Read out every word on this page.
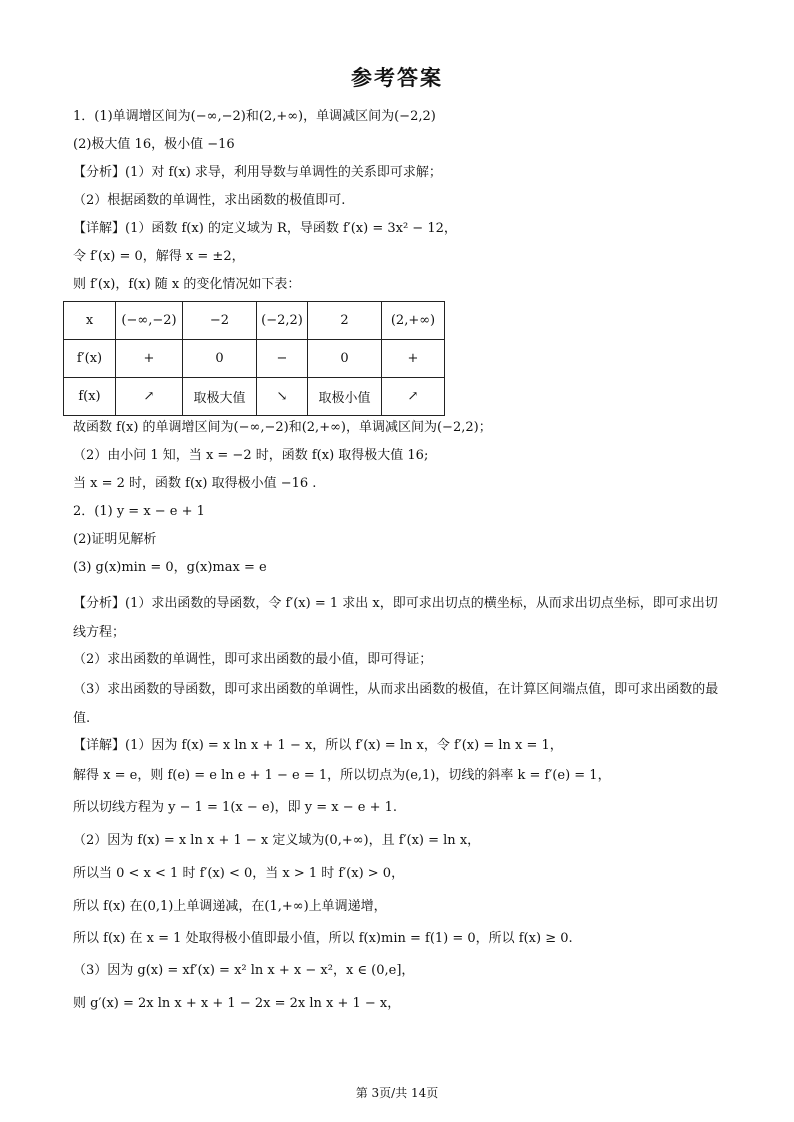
参考答案
1．(1)单调增区间为(−∞,−2)和(2,+∞)，单调减区间为(−2,2)
(2)极大值 16，极小值 −16
【分析】(1）对 f(x) 求导，利用导数与单调性的关系即可求解；
（2）根据函数的单调性，求出函数的极值即可.
【详解】(1）函数 f(x) 的定义域为 R，导函数 f′(x) = 3x² − 12，
令 f′(x) = 0，解得 x = ±2，
则 f′(x)，f(x) 随 x 的变化情况如下表：
x	(−∞,−2)	−2	(−2,2)	2	(2,+∞)
f′(x)	+	0	−	0	+
f(x)	↗	取极大值	↘	取极小值	↗
故函数 f(x) 的单调增区间为(−∞,−2)和(2,+∞)，单调减区间为(−2,2)；
（2）由小问 1 知，当 x = −2 时，函数 f(x) 取得极大值 16;
当 x = 2 时，函数 f(x) 取得极小值 −16 .
2．(1) y = x − e + 1
(2)证明见解析
(3) g(x)min = 0，g(x)max = e
【分析】(1）求出函数的导函数，令 f′(x) = 1 求出 x，即可求出切点的横坐标，从而求出切点坐标，即可求出切线方程；
（2）求出函数的单调性，即可求出函数的最小值，即可得证；
（3）求出函数的导函数，即可求出函数的单调性，从而求出函数的极值，在计算区间端点值，即可求出函数的最值.
【详解】(1）因为 f(x) = x ln x + 1 − x，所以 f′(x) = ln x，令 f′(x) = ln x = 1，
解得 x = e，则 f(e) = e ln e + 1 − e = 1，所以切点为(e,1)，切线的斜率 k = f′(e) = 1，
所以切线方程为 y − 1 = 1(x − e)，即 y = x − e + 1.
（2）因为 f(x) = x ln x + 1 − x 定义域为(0,+∞)，且 f′(x) = ln x，
所以当 0 < x < 1 时 f′(x) < 0，当 x > 1 时 f′(x) > 0，
所以 f(x) 在(0,1)上单调递减，在(1,+∞)上单调递增，
所以 f(x) 在 x = 1 处取得极小值即最小值，所以 f(x)min = f(1) = 0，所以 f(x) ≥ 0.
（3）因为 g(x) = xf′(x) = x² ln x + x − x²，x ∈ (0,e]，
则 g′(x) = 2x ln x + x + 1 − 2x = 2x ln x + 1 − x，
第 3页/共 14页
